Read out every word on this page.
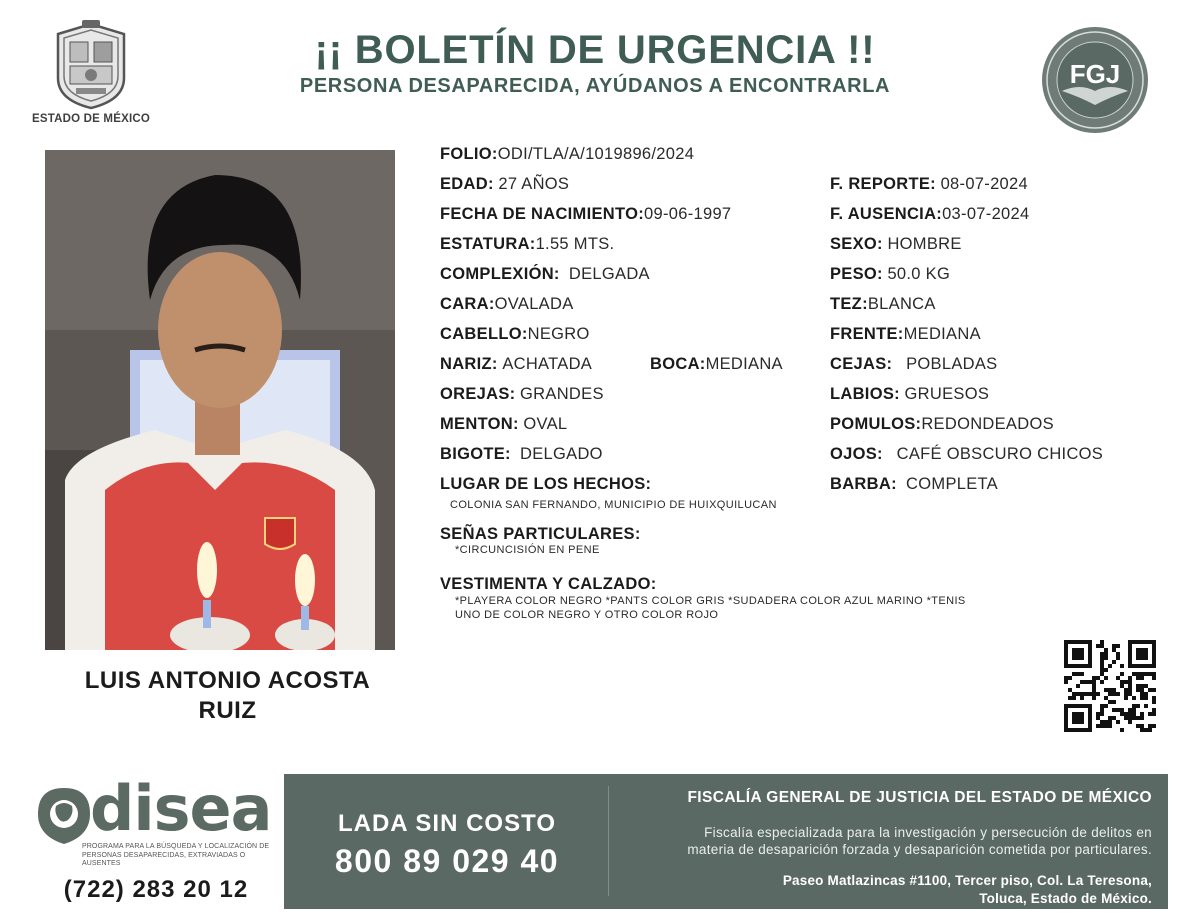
ESTADO DE MÉXICO
¡¡ BOLETÍN DE URGENCIA !!
PERSONA DESAPARECIDA, AYÚDANOS A ENCONTRARLA	FGJ
LUIS ANTONIO ACOSTA
RUIZ
FOLIO:ODI/TLA/A/1019896/2024
EDAD: 27 AÑOS
FECHA DE NACIMIENTO:09-06-1997
ESTATURA:1.55 MTS.
COMPLEXIÓN: DELGADA
CARA:OVALADA
CABELLO:NEGRO
NARIZ: ACHATADA	BOCA:MEDIANA
OREJAS: GRANDES
MENTON: OVAL
BIGOTE: DELGADO
F. REPORTE: 08-07-2024
F. AUSENCIA:03-07-2024
SEXO: HOMBRE
PESO: 50.0 KG
TEZ:BLANCA
FRENTE:MEDIANA
CEJAS: POBLADAS
LABIOS: GRUESOS
POMULOS:REDONDEADOS
OJOS: CAFÉ OBSCURO CHICOS
BARBA: COMPLETA
LUGAR DE LOS HECHOS:
COLONIA SAN FERNANDO, MUNICIPIO DE HUIXQUILUCAN
SEÑAS PARTICULARES:
*CIRCUNCISIÓN EN PENE
VESTIMENTA Y CALZADO:
*PLAYERA COLOR NEGRO *PANTS COLOR GRIS *SUDADERA COLOR AZUL MARINO *TENIS
UNO DE COLOR NEGRO Y OTRO COLOR ROJO
disea
PROGRAMA PARA LA BÚSQUEDA Y LOCALIZACIÓN DE PERSONAS DESAPARECIDAS, EXTRAVIADAS O AUSENTES
(722) 283 20 12
LADA SIN COSTO
800 89 029 40
FISCALÍA GENERAL DE JUSTICIA DEL ESTADO DE MÉXICO
Fiscalía especializada para la investigación y persecución de delitos en
materia de desaparición forzada y desaparición cometida por particulares.
Paseo Matlazincas #1100, Tercer piso, Col. La Teresona,
Toluca, Estado de México.
